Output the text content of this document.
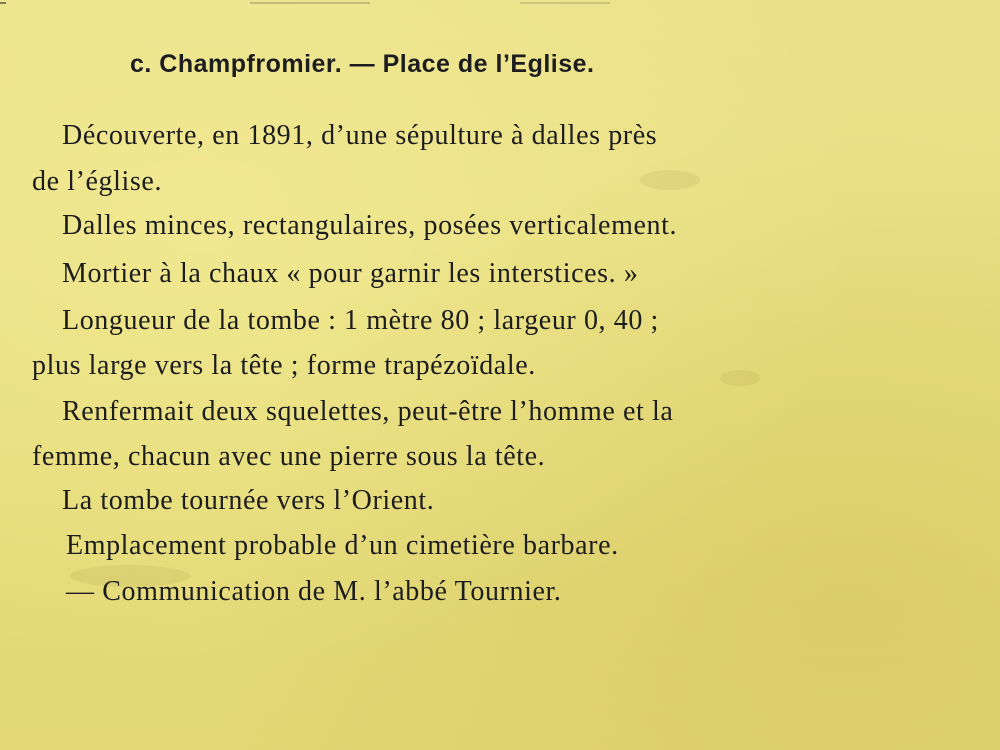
c. Champfromier. — Place de l’Eglise.
Découverte, en 1891, d’une sépulture à dalles près
de l’église.
Dalles minces, rectangulaires, posées verticalement.
Mortier à la chaux « pour garnir les interstices. »
Longueur de la tombe : 1 mètre 80 ; largeur 0, 40 ;
plus large vers la tête ; forme trapézoïdale.
Renfermait deux squelettes, peut-être l’homme et la
femme, chacun avec une pierre sous la tête.
La tombe tournée vers l’Orient.
Emplacement probable d’un cimetière barbare.
— Communication de M. l’abbé Tournier.
